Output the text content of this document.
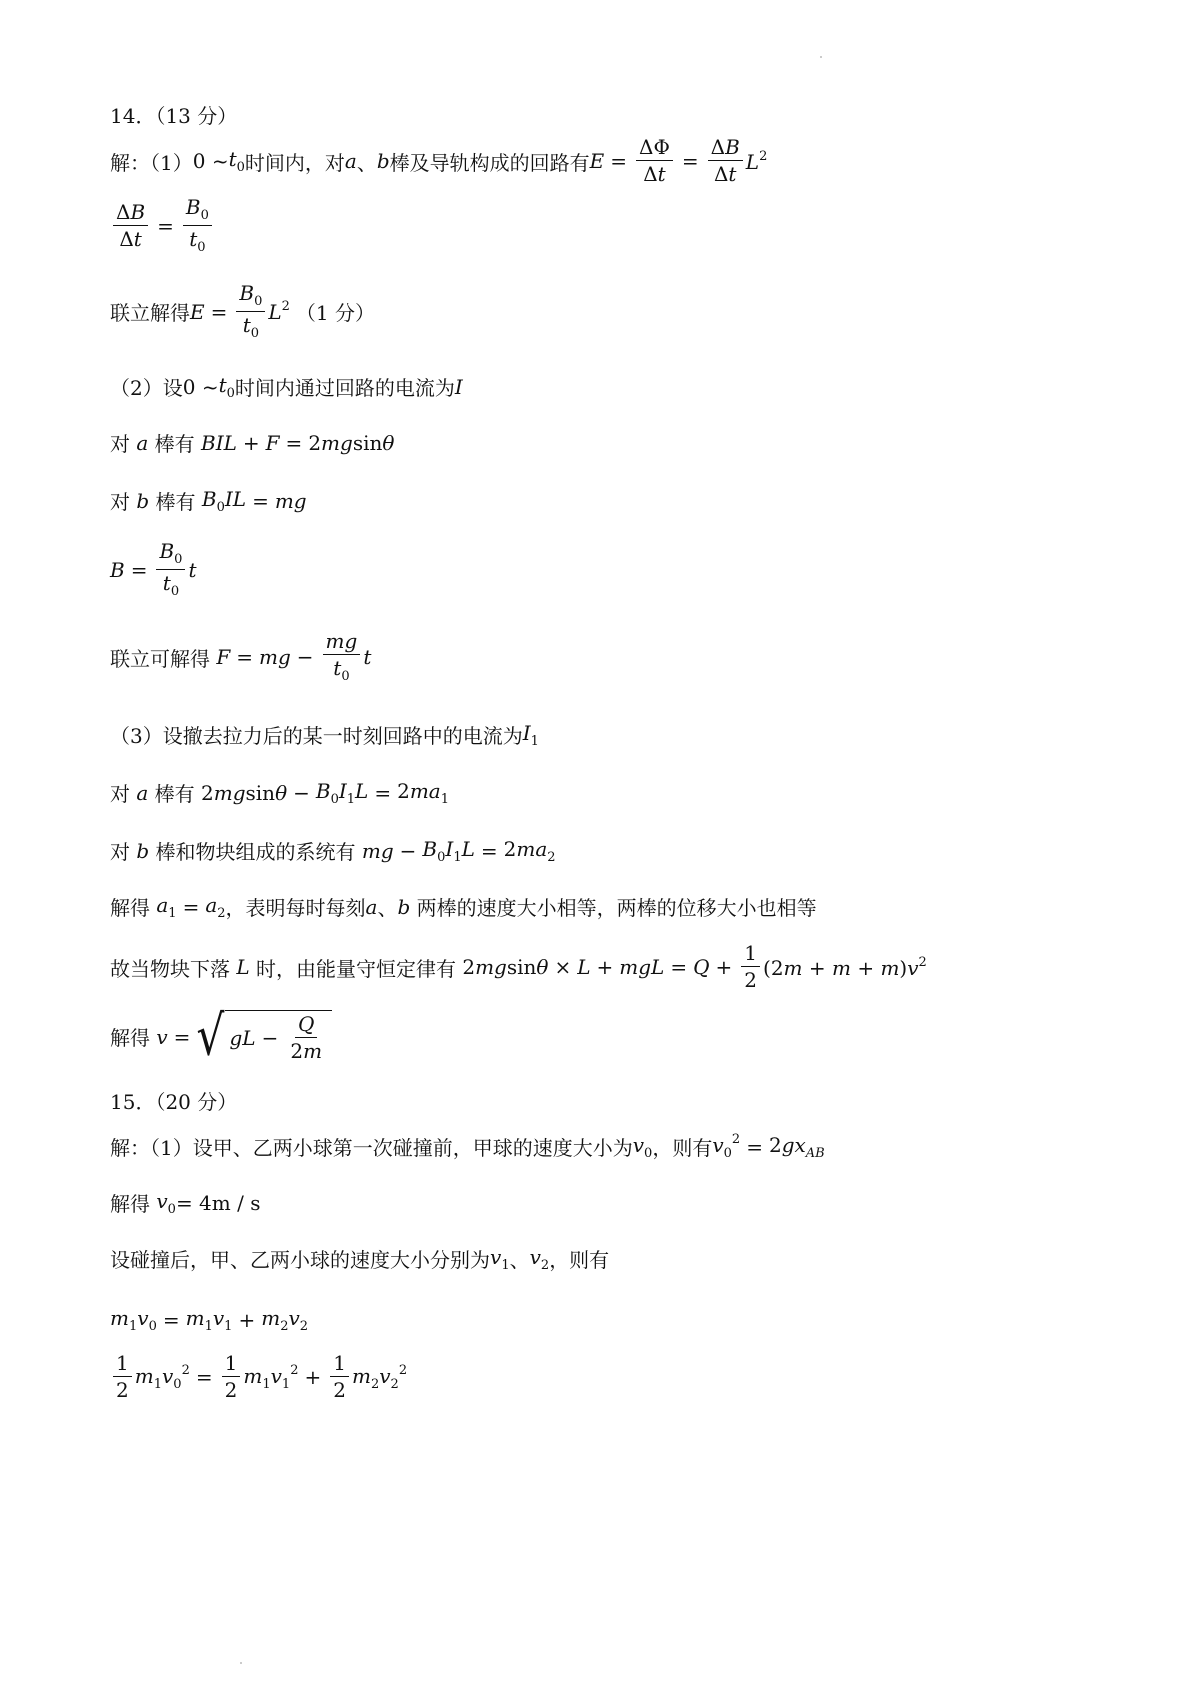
14．（13 分）
解：（1） 0 ~ $t_0$ 时间内，对 a 、 b 棒及导轨构成的回路有 $E = \frac{\Delta\Phi}{\Delta t} = \frac{\Delta B}{\Delta t} L^2$
$\frac{\Delta B}{\Delta t} = \frac{B_0}{t_0}$
联立解得 $E = \frac{B_0}{t_0} L^2$ （1 分）
（2）设 0 ~ $t_0$ 时间内通过回路的电流为 I
对 a 棒有 BIL + F = 2mgsinθ
对 b 棒有 $B_0IL$ = mg
$B = \frac{B_0}{t_0}$ t
联立可解得 F = mg − $\frac{mg}{t_0}$ t
（3）设撤去拉力后的某一时刻回路中的电流为 $I_1$
对 a 棒有 $2mgsin\theta - B_0I_1L = 2ma_1$
对 b 棒和物块组成的系统有 mg − $B_0I_1L = 2ma_2$
解得 $a_1 = a_2$ ，表明每时每刻 a 、 b 两棒的速度大小相等，两棒的位移大小也相等
故当物块下落 L 时，由能量守恒定律有 2mgsinθ × L + mgL = $Q + \frac{1}{2} (2m + m + m)v^2$
解得 v = √ gL − $\frac{Q}{2m}$
15．（20 分）
解：（1）设甲、乙两小球第一次碰撞前，甲球的速度大小为 $v_0$ ，则有 $v_0^2 = 2gx_{AB}$
解得 $v_0 = 4m / s$
设碰撞后，甲、乙两小球的速度大小分别为 $v_1$ 、 $v_2$ ，则有
$m_1v_0 = m_1v_1 + m_2v_2$
$\frac{1}{2} m_1v_0^2 = \frac{1}{2} m_1v_1^2 + \frac{1}{2} m_2v_2^2$
